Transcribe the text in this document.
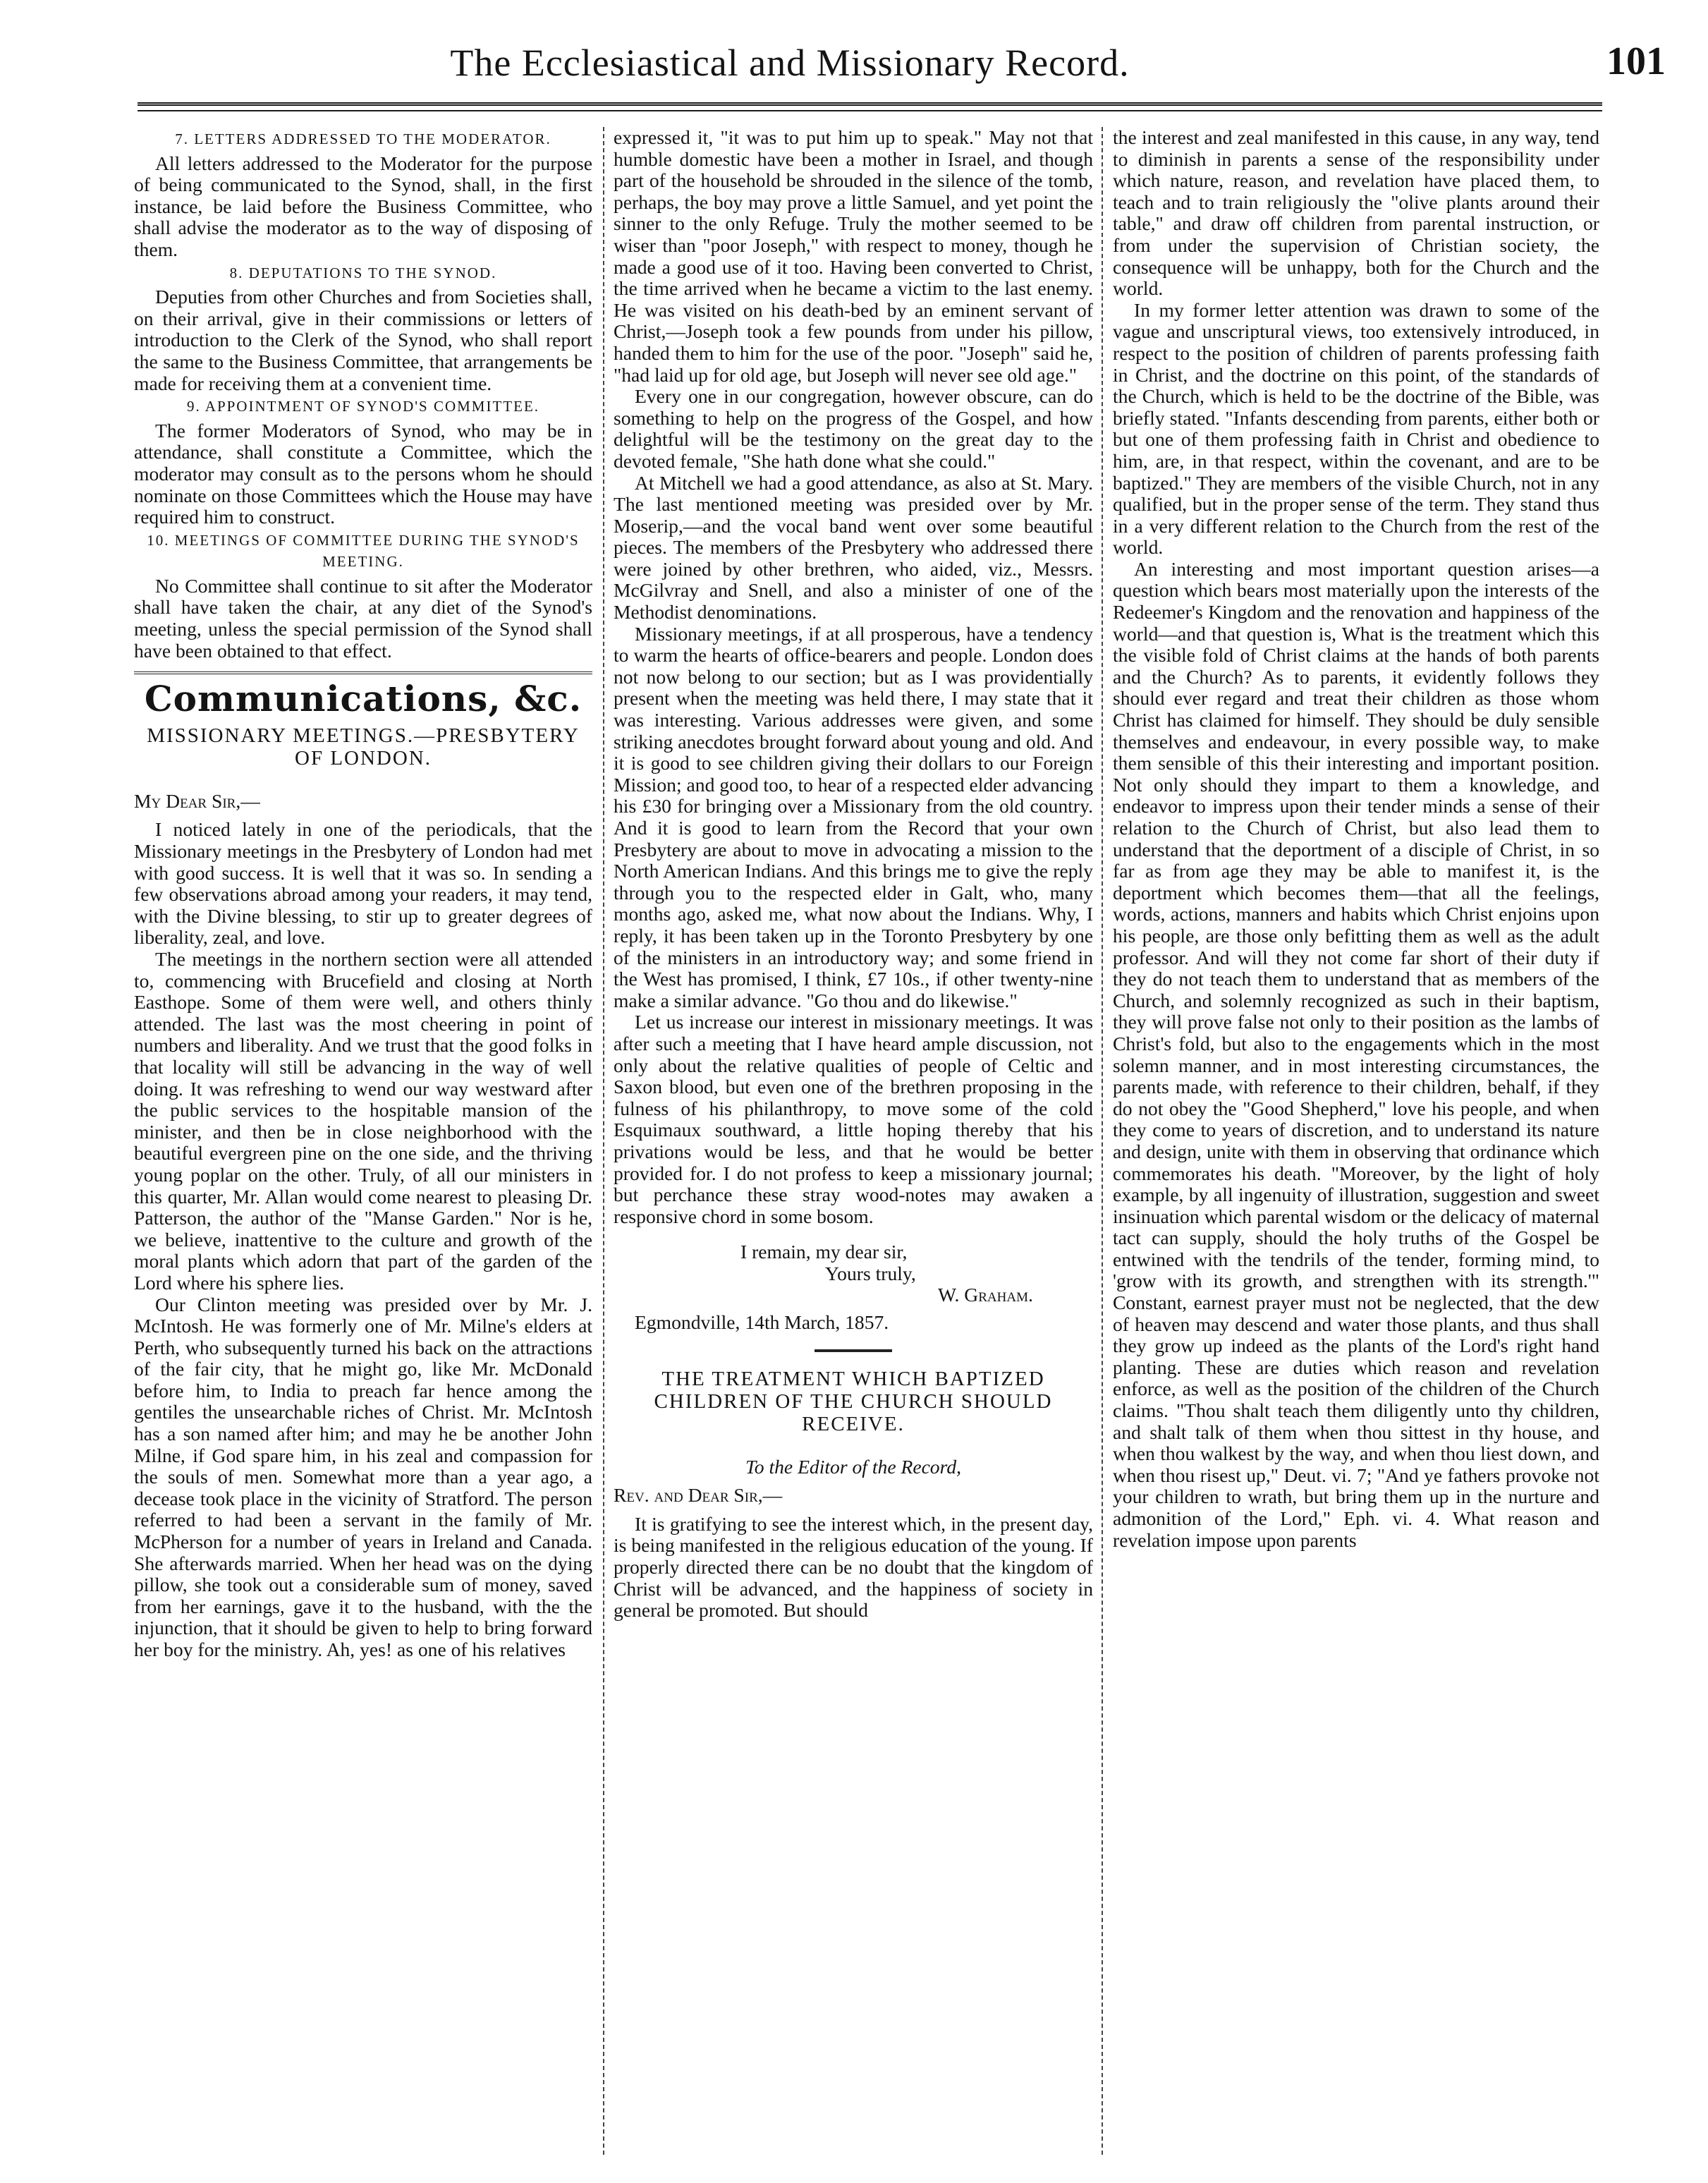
The Ecclesiastical and Missionary Record.	101
7. LETTERS ADDRESSED TO THE MODERATOR.

All letters addressed to the Moderator for the purpose of being communicated to the Synod, shall, in the first instance, be laid before the Business Committee, who shall advise the moderator as to the way of disposing of them.

8. DEPUTATIONS TO THE SYNOD.

Deputies from other Churches and from Societies shall, on their arrival, give in their commissions or letters of introduction to the Clerk of the Synod, who shall report the same to the Business Committee, that arrangements be made for receiving them at a convenient time.

9. APPOINTMENT OF SYNOD'S COMMITTEE.

The former Moderators of Synod, who may be in attendance, shall constitute a Committee, which the moderator may consult as to the persons whom he should nominate on those Committees which the House may have required him to construct.

10. MEETINGS OF COMMITTEE DURING THE SYNOD'S MEETING.

No Committee shall continue to sit after the Moderator shall have taken the chair, at any diet of the Synod's meeting, unless the special permission of the Synod shall have been obtained to that effect.

Communications, &c.
MISSIONARY MEETINGS.—PRESBYTERY OF LONDON.
My Dear Sir,—

I noticed lately in one of the periodicals, that the Missionary meetings in the Presbytery of London had met with good success. It is well that it was so. In sending a few observations abroad among your readers, it may tend, with the Divine blessing, to stir up to greater degrees of liberality, zeal, and love.

The meetings in the northern section were all attended to, commencing with Brucefield and closing at North Easthope. Some of them were well, and others thinly attended. The last was the most cheering in point of numbers and liberality. And we trust that the good folks in that locality will still be advancing in the way of well doing. It was refreshing to wend our way westward after the public services to the hospitable mansion of the minister, and then be in close neighborhood with the beautiful evergreen pine on the one side, and the thriving young poplar on the other. Truly, of all our ministers in this quarter, Mr. Allan would come nearest to pleasing Dr. Patterson, the author of the "Manse Garden." Nor is he, we believe, inattentive to the culture and growth of the moral plants which adorn that part of the garden of the Lord where his sphere lies.

Our Clinton meeting was presided over by Mr. J. McIntosh. He was formerly one of Mr. Milne's elders at Perth, who subsequently turned his back on the attractions of the fair city, that he might go, like Mr. McDonald before him, to India to preach far hence among the gentiles the unsearchable riches of Christ. Mr. McIntosh has a son named after him; and may he be another John Milne, if God spare him, in his zeal and compassion for the souls of men. Somewhat more than a year ago, a decease took place in the vicinity of Stratford. The person referred to had been a servant in the family of Mr. McPherson for a number of years in Ireland and Canada. She afterwards married. When her head was on the dying pillow, she took out a considerable sum of money, saved from her earnings, gave it to the husband, with the the injunction, that it should be given to help to bring forward her boy for the ministry. Ah, yes! as one of his relatives

expressed it, "it was to put him up to speak." May not that humble domestic have been a mother in Israel, and though part of the household be shrouded in the silence of the tomb, perhaps, the boy may prove a little Samuel, and yet point the sinner to the only Refuge. Truly the mother seemed to be wiser than "poor Joseph," with respect to money, though he made a good use of it too. Having been converted to Christ, the time arrived when he became a victim to the last enemy. He was visited on his death-bed by an eminent servant of Christ,—Joseph took a few pounds from under his pillow, handed them to him for the use of the poor. "Joseph" said he, "had laid up for old age, but Joseph will never see old age."

Every one in our congregation, however obscure, can do something to help on the progress of the Gospel, and how delightful will be the testimony on the great day to the devoted female, "She hath done what she could."

At Mitchell we had a good attendance, as also at St. Mary. The last mentioned meeting was presided over by Mr. Moserip,—and the vocal band went over some beautiful pieces. The members of the Presbytery who addressed there were joined by other brethren, who aided, viz., Messrs. McGilvray and Snell, and also a minister of one of the Methodist denominations.

Missionary meetings, if at all prosperous, have a tendency to warm the hearts of office-bearers and people. London does not now belong to our section; but as I was providentially present when the meeting was held there, I may state that it was interesting. Various addresses were given, and some striking anecdotes brought forward about young and old. And it is good to see children giving their dollars to our Foreign Mission; and good too, to hear of a respected elder advancing his £30 for bringing over a Missionary from the old country. And it is good to learn from the Record that your own Presbytery are about to move in advocating a mission to the North American Indians. And this brings me to give the reply through you to the respected elder in Galt, who, many months ago, asked me, what now about the Indians. Why, I reply, it has been taken up in the Toronto Presbytery by one of the ministers in an introductory way; and some friend in the West has promised, I think, £7 10s., if other twenty-nine make a similar advance. "Go thou and do likewise."

Let us increase our interest in missionary meetings. It was after such a meeting that I have heard ample discussion, not only about the relative qualities of people of Celtic and Saxon blood, but even one of the brethren proposing in the fulness of his philanthropy, to move some of the cold Esquimaux southward, a little hoping thereby that his privations would be less, and that he would be better provided for. I do not profess to keep a missionary journal; but perchance these stray wood-notes may awaken a responsive chord in some bosom.

I remain, my dear sir,
Yours truly,
W. Graham.
Egmondville, 14th March, 1857.
THE TREATMENT WHICH BAPTIZED CHILDREN OF THE CHURCH SHOULD RECEIVE.
To the Editor of the Record,
Rev. and Dear Sir,—

It is gratifying to see the interest which, in the present day, is being manifested in the religious education of the young. If properly directed there can be no doubt that the kingdom of Christ will be advanced, and the happiness of society in general be promoted. But should

the interest and zeal manifested in this cause, in any way, tend to diminish in parents a sense of the responsibility under which nature, reason, and revelation have placed them, to teach and to train religiously the "olive plants around their table," and draw off children from parental instruction, or from under the supervision of Christian society, the consequence will be unhappy, both for the Church and the world.

In my former letter attention was drawn to some of the vague and unscriptural views, too extensively introduced, in respect to the position of children of parents professing faith in Christ, and the doctrine on this point, of the standards of the Church, which is held to be the doctrine of the Bible, was briefly stated. "Infants descending from parents, either both or but one of them professing faith in Christ and obedience to him, are, in that respect, within the covenant, and are to be baptized." They are members of the visible Church, not in any qualified, but in the proper sense of the term. They stand thus in a very different relation to the Church from the rest of the world.

An interesting and most important question arises—a question which bears most materially upon the interests of the Redeemer's Kingdom and the renovation and happiness of the world—and that question is, What is the treatment which this the visible fold of Christ claims at the hands of both parents and the Church? As to parents, it evidently follows they should ever regard and treat their children as those whom Christ has claimed for himself. They should be duly sensible themselves and endeavour, in every possible way, to make them sensible of this their interesting and important position. Not only should they impart to them a knowledge, and endeavor to impress upon their tender minds a sense of their relation to the Church of Christ, but also lead them to understand that the deportment of a disciple of Christ, in so far as from age they may be able to manifest it, is the deportment which becomes them—that all the feelings, words, actions, manners and habits which Christ enjoins upon his people, are those only befitting them as well as the adult professor. And will they not come far short of their duty if they do not teach them to understand that as members of the Church, and solemnly recognized as such in their baptism, they will prove false not only to their position as the lambs of Christ's fold, but also to the engagements which in the most solemn manner, and in most interesting circumstances, the parents made, with reference to their children, behalf, if they do not obey the "Good Shepherd," love his people, and when they come to years of discretion, and to understand its nature and design, unite with them in observing that ordinance which commemorates his death. "Moreover, by the light of holy example, by all ingenuity of illustration, suggestion and sweet insinuation which parental wisdom or the delicacy of maternal tact can supply, should the holy truths of the Gospel be entwined with the tendrils of the tender, forming mind, to 'grow with its growth, and strengthen with its strength.'" Constant, earnest prayer must not be neglected, that the dew of heaven may descend and water those plants, and thus shall they grow up indeed as the plants of the Lord's right hand planting. These are duties which reason and revelation enforce, as well as the position of the children of the Church claims. "Thou shalt teach them diligently unto thy children, and shalt talk of them when thou sittest in thy house, and when thou walkest by the way, and when thou liest down, and when thou risest up," Deut. vi. 7; "And ye fathers provoke not your children to wrath, but bring them up in the nurture and admonition of the Lord," Eph. vi. 4. What reason and revelation impose upon parents
